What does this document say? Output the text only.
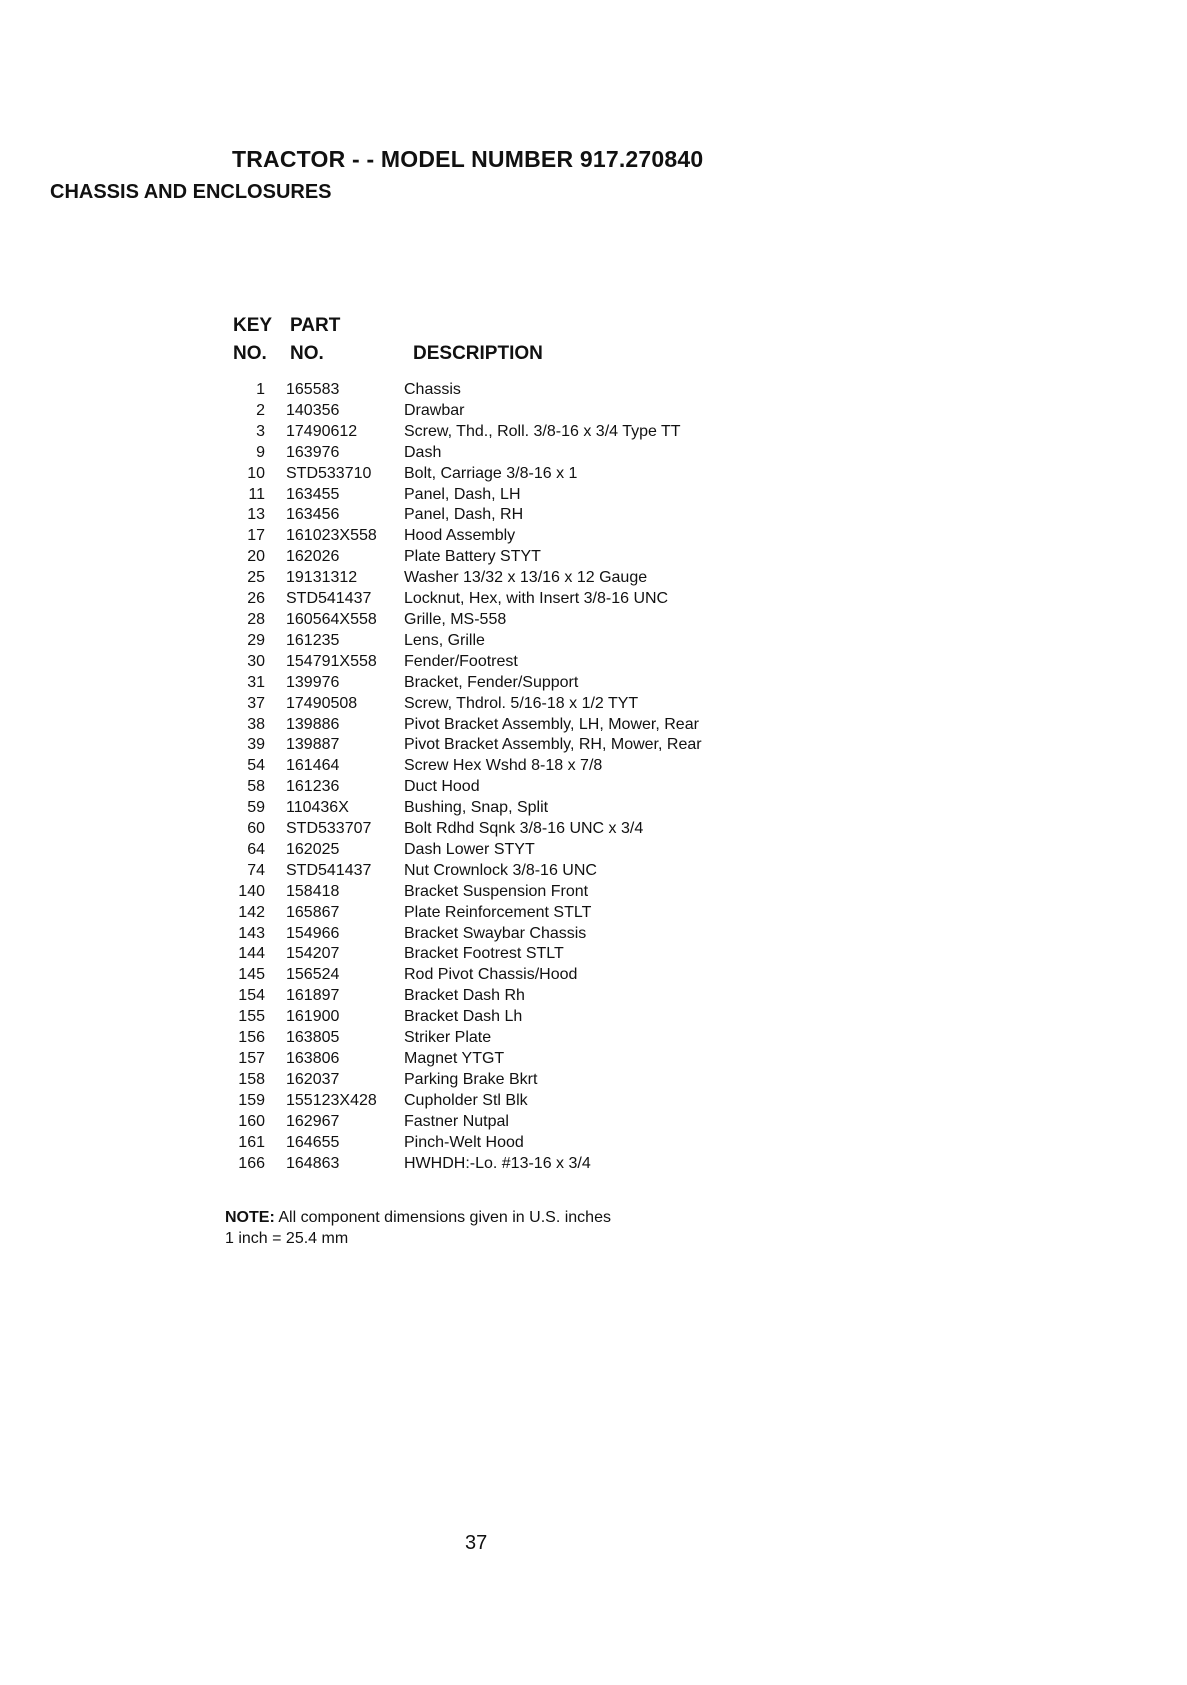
TRACTOR - - MODEL NUMBER 917.270840
CHASSIS AND ENCLOSURES
KEY
NO.
PART
NO.	DESCRIPTION
1	165583	Chassis
2	140356	Drawbar
3	17490612	Screw, Thd., Roll. 3/8-16 x 3/4 Type TT
9	163976	Dash
10	STD533710	Bolt, Carriage 3/8-16 x 1
11	163455	Panel, Dash, LH
13	163456	Panel, Dash, RH
17	161023X558	Hood Assembly
20	162026	Plate Battery STYT
25	19131312	Washer 13/32 x 13/16 x 12 Gauge
26	STD541437	Locknut, Hex, with Insert 3/8-16 UNC
28	160564X558	Grille, MS-558
29	161235	Lens, Grille
30	154791X558	Fender/Footrest
31	139976	Bracket, Fender/Support
37	17490508	Screw, Thdrol. 5/16-18 x 1/2 TYT
38	139886	Pivot Bracket Assembly, LH, Mower, Rear
39	139887	Pivot Bracket Assembly, RH, Mower, Rear
54	161464	Screw Hex Wshd 8-18 x 7/8
58	161236	Duct Hood
59	110436X	Bushing, Snap, Split
60	STD533707	Bolt Rdhd Sqnk 3/8-16 UNC x 3/4
64	162025	Dash Lower STYT
74	STD541437	Nut Crownlock 3/8-16 UNC
140	158418	Bracket Suspension Front
142	165867	Plate Reinforcement STLT
143	154966	Bracket Swaybar Chassis
144	154207	Bracket Footrest STLT
145	156524	Rod Pivot Chassis/Hood
154	161897	Bracket Dash Rh
155	161900	Bracket Dash Lh
156	163805	Striker Plate
157	163806	Magnet YTGT
158	162037	Parking Brake Bkrt
159	155123X428	Cupholder Stl Blk
160	162967	Fastner Nutpal
161	164655	Pinch-Welt Hood
166	164863	HWHDH:-Lo. #13-16 x 3/4
NOTE: All component dimensions given in U.S. inches
1 inch = 25.4 mm
37
